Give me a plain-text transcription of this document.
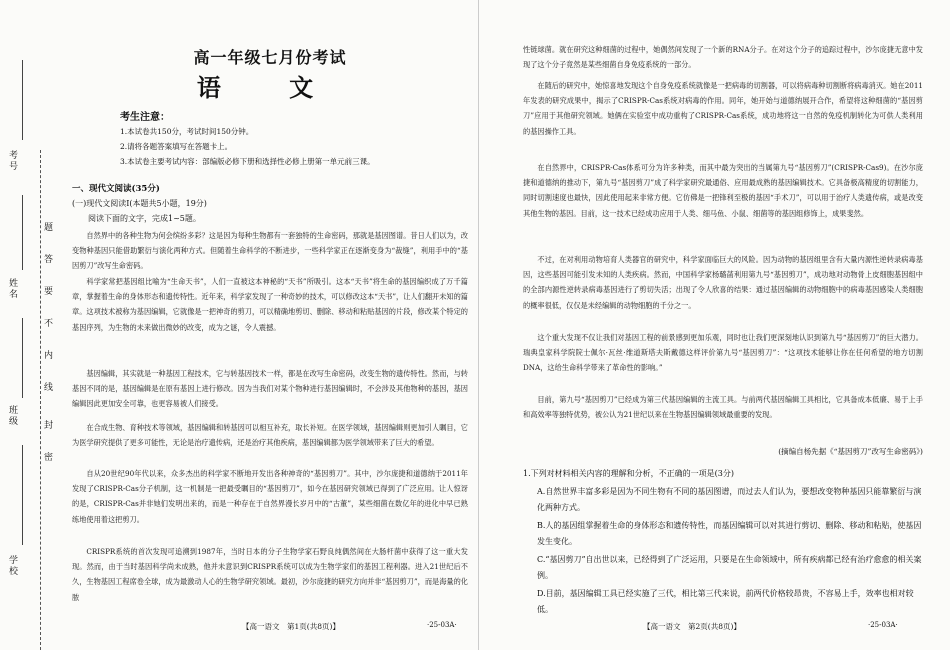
考号
姓名
班级
学校
题
答
要
不
内
线
封
密
高一年级七月份考试
语 文
考生注意：
1.本试卷共150分，考试时间150分钟。
2.请将各题答案填写在答题卡上。
3.本试卷主要考试内容：部编版必修下册和选择性必修上册第一单元前三课。
一、现代文阅读(35分)
(一)现代文阅读Ⅰ(本题共5小题，19分)
阅读下面的文字，完成1~5题。
自然界中的各种生物为何会缤纷多彩？这是因为每种生物都有一套独特的生命密码，那就是基因图谱。昔日人们以为，改变物种基因只能借助繁衍与演化两种方式。但随着生命科学的不断进步，一些科学家正在逐渐变身为“裁缝”，利用手中的“基因剪刀”改写生命密码。
科学家常把基因组比喻为“生命天书”，人们一直被这本神秘的“天书”所吸引。这本“天书”将生命的基因编织成了万千篇章，掌握着生命的身体形态和遗传特性。近年来，科学家发现了一种奇妙的技术，可以修改这本“天书”，让人们翻开未知的篇章。这项技术被称为基因编辑，它就像是一把神奇的剪刀，可以精确地剪切、删除、移动和粘贴基因的片段，修改某个特定的基因序列，为生物的未来做出微妙的改变，成为之谜，令人震撼。
基因编辑，其实就是一种基因工程技术，它与转基因技术一样，都是在改写生命密码，改变生物的遗传特性。然而，与转基因不同的是，基因编辑是在原有基因上进行修改。因为当我们对某个物种进行基因编辑时，不会涉及其他物种的基因，基因编辑因此更加安全可靠，也更容易被人们接受。
在合成生物、育种技术等领域，基因编辑和转基因可以相互补充，取长补短。在医学领域，基因编辑则更加引人瞩目，它为医学研究提供了更多可能性，无论是治疗遗传病，还是治疗其他疾病，基因编辑都为医学领域带来了巨大的希望。
自从20世纪90年代以来，众多杰出的科学家不断地开发出各种神奇的“基因剪刀”。其中，沙尔庞捷和道德纳于2011年发现了CRISPR-Cas分子机制，这一机制是一把最受瞩目的“基因剪刀”，如今在基因研究领域已得到了广泛应用。让人惊讶的是，CRISPR-Cas并非她们发明出来的，而是一种存在于自然界漫长岁月中的“古董”，某些细菌在数亿年的进化中早已熟练地使用着这把剪刀。
CRISPR系统的首次发现可追溯到1987年，当时日本的分子生物学家石野良纯偶然间在大肠杆菌中获得了这一重大发现。然而，由于当时基因科学尚未成熟，他并未意识到CRISPR系统可以成为生物学家们的基因工程利器。进入21世纪后不久，生物基因工程席卷全球，成为最激动人心的生物学研究领域。最初，沙尔庞捷的研究方向并非“基因剪刀”，而是海量的化脓
【高一语文　第1页(共8页)】	·25-03A·
性链球菌。就在研究这种细菌的过程中，她偶然间发现了一个新的RNA分子。在对这个分子的追踪过程中，沙尔庞捷无意中发现了这个分子竟然是某些细菌自身免疫系统的一部分。
在随后的研究中，她惊喜地发现这个自身免疫系统就像是一把病毒的切割器，可以将病毒种切割断将病毒消灭。她在2011年发表的研究成果中，揭示了CRISPR-Cas系统对病毒的作用。同年，她开始与道德纳展开合作，希望将这种细菌的“基因剪刀”应用于其他研究领域。她俩在实验室中成功重构了CRISPR-Cas系统，成功地将这一自然的免疫机制转化为可供人类利用的基因操作工具。
在自然界中，CRISPR-Cas体系可分为许多种类，而其中最为突出的当属第九号“基因剪刀”(CRISPR-Cas9)。在沙尔庞捷和道德纳的推动下，第九号“基因剪刀”成了科学家研究最通俗、应用最成熟的基因编辑技术。它具备极高精度的切割能力，同时切割速度也最快，因此使用起来非常方便。它仿佛是一把锋利至极的基因“手术刀”，可以用于治疗人类遗传病，或是改变其他生物的基因。目前，这一技术已经成功应用于人类、细马鱼、小鼠、细菌等的基因组修饰上，成果斐然。
不过，在对利用动物培育人类器官的研究中，科学家面临巨大的风险。因为动物的基因组里含有大量内源性逆转录病毒基因，这些基因可能引发未知的人类疾病。然而，中国科学家杨璐菡利用第九号“基因剪刀”，成功地对动物骨上皮细胞基因组中的全部内源性逆转录病毒基因进行了剪切失活；出现了令人欣喜的结果：通过基因编辑的动物细胞中的病毒基因感染人类细胞的概率很低，仅仅是未经编辑的动物细胞的千分之一。
这个重大发现不仅让我们对基因工程的前景感到更加乐观，同时也让我们更深刻地认识到第九号“基因剪刀”的巨大潜力。瑞典皇家科学院院士佩尔·瓦丝·维道斯塔夫斯戴德这样评价第九号“基因剪刀”：“这项技术能够让你在任何希望的地方切割DNA，这给生命科学带来了革命性的影响。”
目前，第九号“基因剪刀”已经成为第三代基因编辑的主流工具。与前两代基因编辑工具相比，它具备成本低廉、易于上手和高效率等独特优势，被公认为21世纪以来在生物基因编辑领域最重要的发现。
(摘编自杨先据《“基因剪刀”改写生命密码》)
1.下列对材料相关内容的理解和分析，不正确的一项是(3分)
A.自然世界丰富多彩是因为不同生物有不同的基因图谱，而过去人们认为，要想改变物种基因只能靠繁衍与演化两种方式。
B.人的基因组掌握着生命的身体形态和遗传特性，而基因编辑可以对其进行剪切、删除、移动和粘贴，使基因发生变化。
C.“基因剪刀”自出世以来，已经得到了广泛运用，只要是在生命领域中，所有疾病都已经有治疗愈愈的相关案例。
D.目前，基因编辑工具已经实施了三代，相比第三代来说，前两代价格较昂贵，不容易上手，效率也相对较低。
【高一语文　第2页(共8页)】	·25-03A·
